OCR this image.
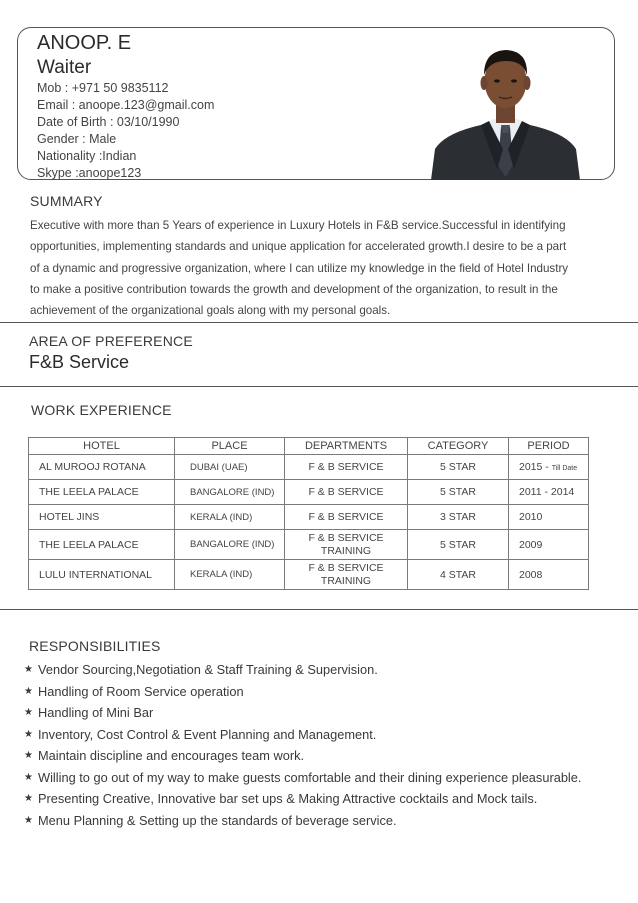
ANOOP. E
Waiter
Mob : +971 50 9835112
Email : anoope.123@gmail.com
Date of Birth : 03/10/1990
Gender : Male
Nationality :Indian
Skype :anoope123
SUMMARY
Executive with more than 5 Years of experience in Luxury Hotels in F&B service.Successful in identifying
opportunities, implementing standards and unique application for accelerated growth.I desire to be a part
of a dynamic and progressive organization, where I can utilize my knowledge in the field of Hotel Industry
to make a positive contribution towards the growth and development of the organization, to result in the
achievement of the organizational goals along with my personal goals.
AREA OF PREFERENCE
F&B Service
WORK EXPERIENCE
HOTEL	PLACE	DEPARTMENTS	CATEGORY	PERIOD
AL MUROOJ ROTANA	DUBAI (UAE)	F & B SERVICE	5 STAR	2015 - Till Date
THE LEELA PALACE	BANGALORE (IND)	F & B SERVICE	5 STAR	2011 - 2014
HOTEL JINS	KERALA (IND)	F & B SERVICE	3 STAR	2010
THE LEELA PALACE	BANGALORE (IND)	F & B SERVICE TRAINING	5 STAR	2009
LULU INTERNATIONAL	KERALA (IND)	F & B SERVICE TRAINING	4 STAR	2008
RESPONSIBILITIES
★ Vendor Sourcing,Negotiation & Staff Training & Supervision.
★ Handling of Room Service operation
★ Handling of Mini Bar
★ Inventory, Cost Control & Event Planning and Management.
★ Maintain discipline and encourages team work.
★ Willing to go out of my way to make guests comfortable and their dining experience pleasurable.
★ Presenting Creative, Innovative bar set ups & Making Attractive cocktails and Mock tails.
★ Menu Planning & Setting up the standards of beverage service.
